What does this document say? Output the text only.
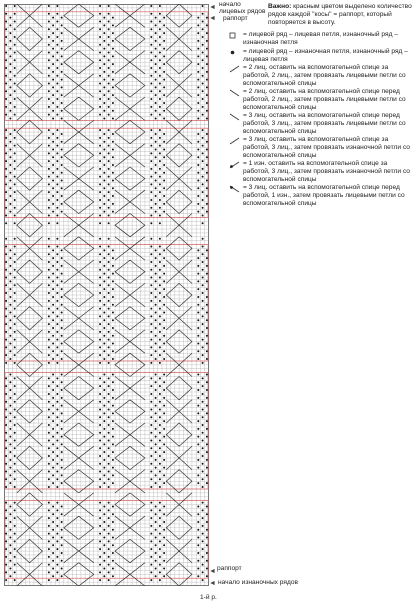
начало
лицевых рядов
раппорт
◄
◄
раппорт
начало изнаночных рядов
◄
◄
1-й р.
Важно: красным цветом выделено количество рядов каждой "косы" = раппорт, который повторяется в высоту.
= лицевой ряд – лицевая петля, изнаночный ряд – изнаночная петля
= лицевой ряд – изнаночная петля, изнаночный ряд – лицевая петля
= 2 лиц. оставить на вспомогательной спице за работой, 2 лиц., затем провязать лицевыми петли со вспомогательной спицы
= 2 лиц. оставить на вспомогательной спице перед работой, 2 лиц., затем провязать лицевыми петли со вспомогательной спицы
= 3 лиц. оставить на вспомогательной спице перед работой, 3 лиц., затем провязать лицевыми петли со вспомогательной спицы
= 3 лиц. оставить на вспомогательной спице за работой, 3 лиц., затем провязать изнаночной петли со вспомогательной спицы
= 1 изн. оставить на вспомогательной спице за работой, 3 лиц., затем провязать изнаночной петли со вспомогательной спицы
= 3 лиц. оставить на вспомогательной спице перед работой, 1 изн., затем провязать лицевыми петли со вспомогательной спицы
